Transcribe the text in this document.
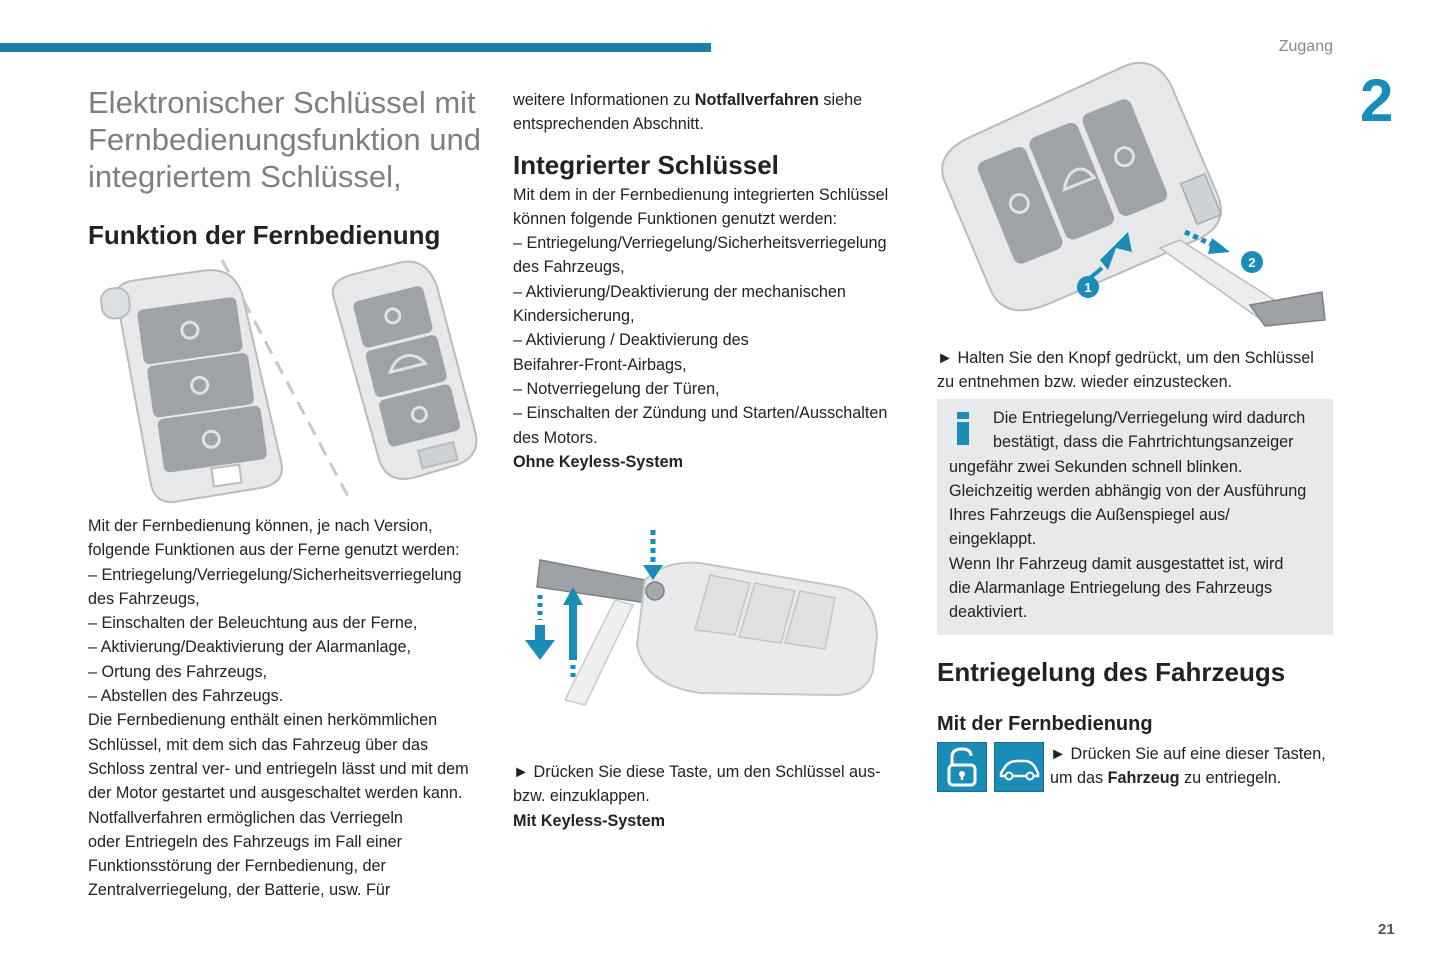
Zugang
2
21
Elektronischer Schlüssel mit
Fernbedienungsfunktion und
integriertem Schlüssel,
Funktion der Fernbedienung

Mit der Fernbedienung können, je nach Version,

folgende Funktionen aus der Ferne genutzt werden:

– Entriegelung/Verriegelung/Sicherheitsverriegelung

des Fahrzeugs,

– Einschalten der Beleuchtung aus der Ferne,

– Aktivierung/Deaktivierung der Alarmanlage,

– Ortung des Fahrzeugs,

– Abstellen des Fahrzeugs.

Die Fernbedienung enthält einen herkömmlichen

Schlüssel, mit dem sich das Fahrzeug über das

Schloss zentral ver- und entriegeln lässt und mit dem

der Motor gestartet und ausgeschaltet werden kann.

Notfallverfahren ermöglichen das Verriegeln

oder Entriegeln des Fahrzeugs im Fall einer

Funktionsstörung der Fernbedienung, der

Zentralverriegelung, der Batterie, usw. Für

weitere Informationen zu Notfallverfahren siehe

entsprechenden Abschnitt.

Integrierter Schlüssel

Mit dem in der Fernbedienung integrierten Schlüssel

können folgende Funktionen genutzt werden:

– Entriegelung/Verriegelung/Sicherheitsverriegelung

des Fahrzeugs,

– Aktivierung/Deaktivierung der mechanischen

Kindersicherung,

– Aktivierung / Deaktivierung des

Beifahrer-Front-Airbags,

– Notverriegelung der Türen,

– Einschalten der Zündung und Starten/Ausschalten

des Motors.

Ohne Keyless-System

► Drücken Sie diese Taste, um den Schlüssel aus-

bzw. einzuklappen.

Mit Keyless-System

1
2

► Halten Sie den Knopf gedrückt, um den Schlüssel

zu entnehmen bzw. wieder einzustecken.

Die Entriegelung/Verriegelung wird dadurch
bestätigt, dass die Fahrtrichtungsanzeiger
ungefähr zwei Sekunden schnell blinken.
Gleichzeitig werden abhängig von der Ausführung
Ihres Fahrzeugs die Außenspiegel aus/
eingeklappt.
Wenn Ihr Fahrzeug damit ausgestattet ist, wird
die Alarmanlage Entriegelung des Fahrzeugs
deaktiviert.
Entriegelung des Fahrzeugs
Mit der Fernbedienung

► Drücken Sie auf eine dieser Tasten,

um das Fahrzeug zu entriegeln.
